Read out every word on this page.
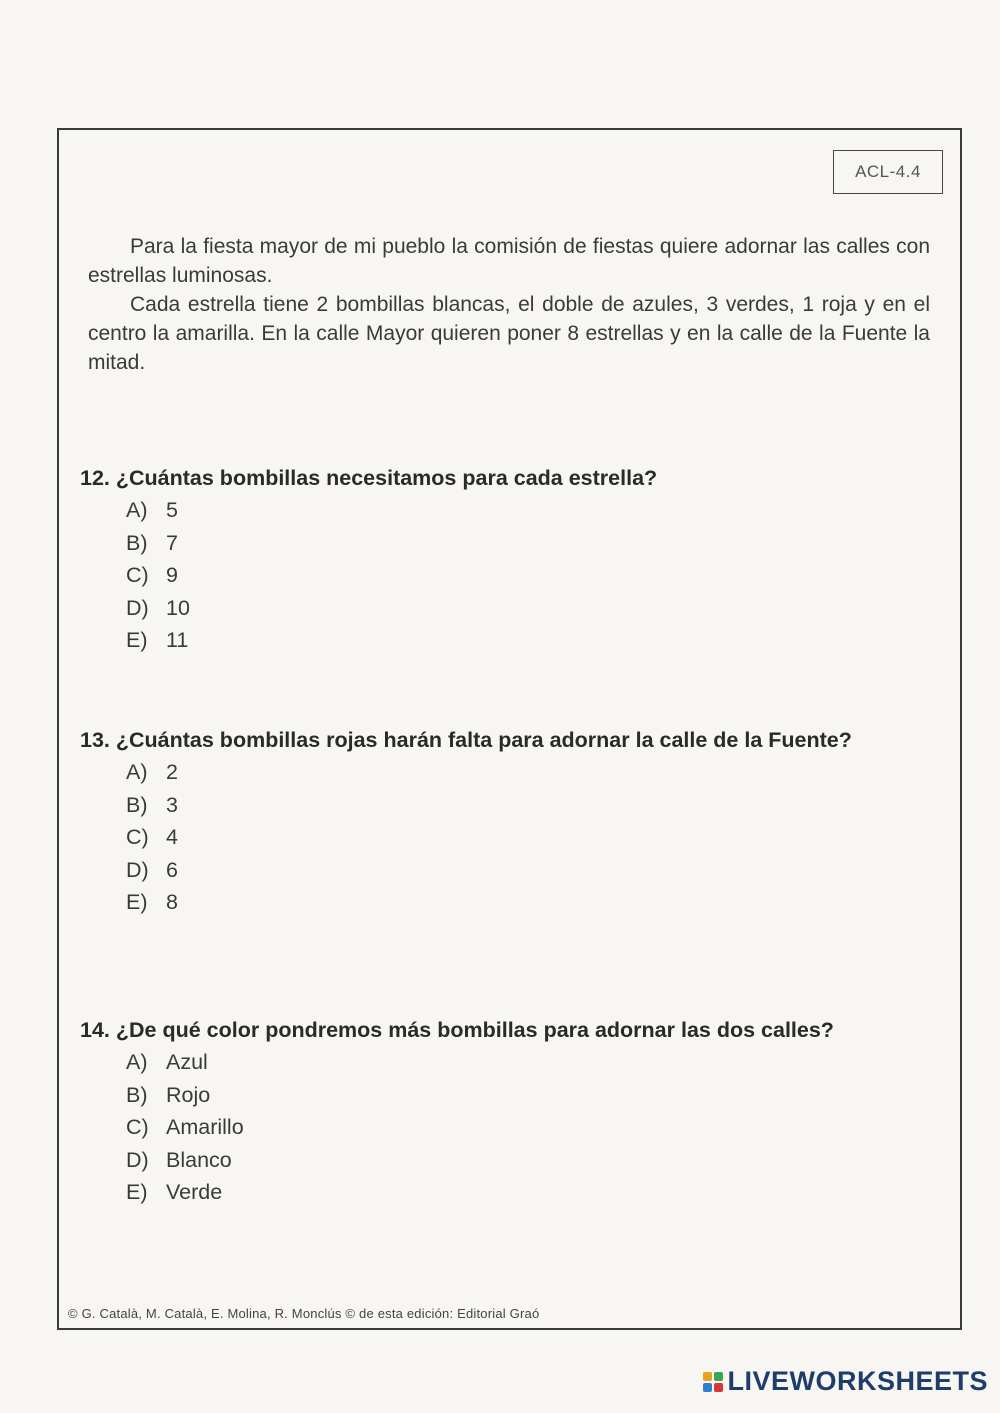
ACL-4.4

Para la fiesta mayor de mi pueblo la comisión de fiestas quiere adornar las calles con estrellas luminosas.

Cada estrella tiene 2 bombillas blancas, el doble de azules, 3 verdes, 1 roja y en el centro la amarilla. En la calle Mayor quieren poner 8 estrellas y en la calle de la Fuente la mitad.

12. ¿Cuántas bombillas necesitamos para cada estrella?
A) 5
B) 7
C) 9
D) 10
E) 11
13. ¿Cuántas bombillas rojas harán falta para adornar la calle de la Fuente?
A) 2
B) 3
C) 4
D) 6
E) 8
14. ¿De qué color pondremos más bombillas para adornar las dos calles?
A) Azul
B) Rojo
C) Amarillo
D) Blanco
E) Verde
© G. Català, M. Català, E. Molina, R. Monclús © de esta edición: Editorial Graó
LIVEWORKSHEETS
